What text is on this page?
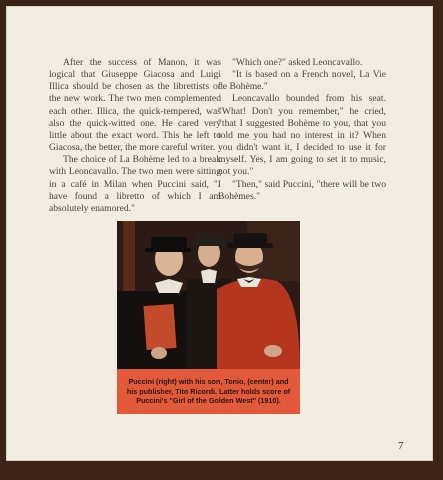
After the success of Manon, it was logical that Giuseppe Giacosa and Luigi Illica should be chosen as the librettists of the new work. The two men complemented each other. Illica, the quick-tempered, was also the quick-witted one. He cared very little about the exact word. This he left to Giacosa, the better, the more careful writer.

The choice of La Bohème led to a break with Leoncavallo. The two men were sitting in a café in Milan when Puccini said, "I have found a libretto of which I am absolutely enamored."

"Which one?" asked Leoncavallo.

"It is based on a French novel, La Vie de Bohème."

Leoncavallo bounded from his seat. "What! Don't you remember," he cried, "that I suggested Bohème to you, that you told me you had no interest in it? When you didn't want it, I decided to use it for myself. Yes, I am going to set it to music, not you."

"Then," said Puccini, "there will be two Bohèmes."

Puccini (right) with his son, Tonio, (center) and his publisher, Tito Ricordi. Latter holds score of Puccini's "Girl of the Golden West" (1910).
7
